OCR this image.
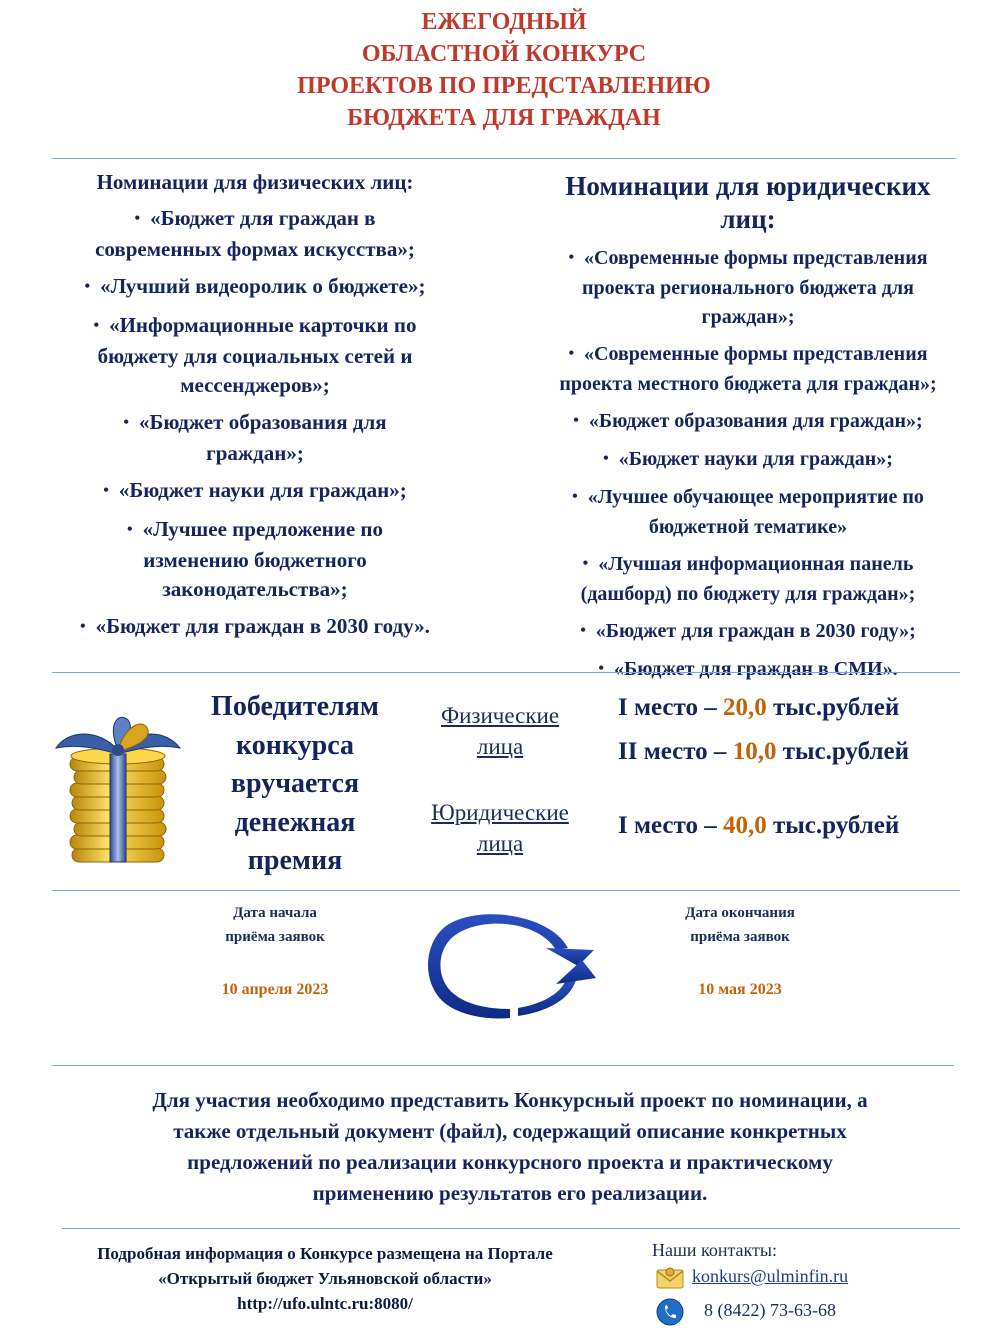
ЕЖЕГОДНЫЙ
ОБЛАСТНОЙ КОНКУРС
ПРОЕКТОВ ПО ПРЕДСТАВЛЕНИЮ
БЮДЖЕТА ДЛЯ ГРАЖДАН
Номинации для физических лиц:
• «Бюджет для граждан в
современных формах искусства»;
• «Лучший видеоролик о бюджете»;
• «Информационные карточки по
бюджету для социальных сетей и
мессенджеров»;
• «Бюджет образования для
граждан»;
• «Бюджет науки для граждан»;
• «Лучшее предложение по
изменению бюджетного
законодательства»;
• «Бюджет для граждан в 2030 году».
Номинации для юридических
лиц:
• «Современные формы представления
проекта регионального бюджета для
граждан»;
• «Современные формы представления
проекта местного бюджета для граждан»;
• «Бюджет образования для граждан»;
• «Бюджет науки для граждан»;
• «Лучшее обучающее мероприятие по
бюджетной тематике»
• «Лучшая информационная панель
(дашборд) по бюджету для граждан»;
• «Бюджет для граждан в 2030 году»;
• «Бюджет для граждан в СМИ».
Победителям
конкурса
вручается
денежная
премия
Физические
лица
Юридические
лица
I место – 20,0 тыс.рублей
II место – 10,0 тыс.рублей
I место – 40,0 тыс.рублей
Дата начала
приёма заявок
10 апреля 2023
Дата окончания
приёма заявок
10 мая 2023
Для участия необходимо представить Конкурсный проект по номинации, а
также отдельный документ (файл), содержащий описание конкретных
предложений по реализации конкурсного проекта и практическому
применению результатов его реализации.
Подробная информация о Конкурсе размещена на Портале
«Открытый бюджет Ульяновской области»
http://ufo.ulntc.ru:8080/
Наши контакты:
konkurs@ulminfin.ru
8 (8422) 73-63-68
